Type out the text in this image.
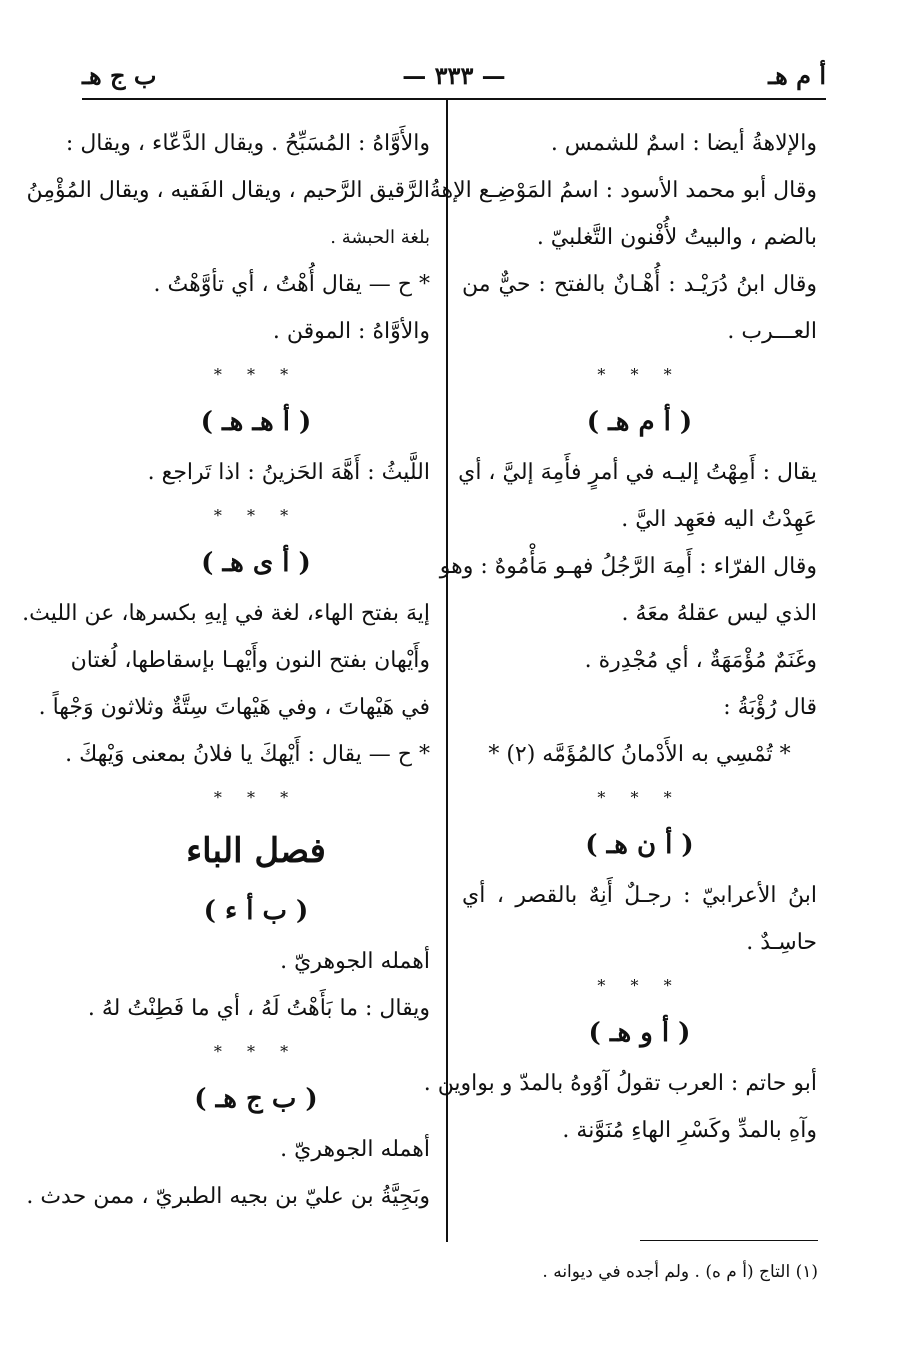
أ م هـ
— ٣٣٣ —
ب ج هـ
والإلاهةُ أيضا : اسمٌ للشمس .
وقال أبو محمد الأسود : اسمُ المَوْضِـع الإهةُ
بالضم ، والبيتُ لأُفْنون التَّغلبيّ .
وقال ابنُ دُرَيْـد : أُهْـانٌ بالفتح : حيٌّ من
العـــرب .
* * *
( أ م هـ )
يقال : أَمِهْتُ إليـه في أمرٍ فأَمِهَ إليَّ ، أي
عَهِدْتُ اليه فعَهِد اليَّ .
وقال الفرّاء : أَمِهَ الرَّجُلُ فهـو مَأْمُوهٌ : وهو
الذي ليس عقلهُ معَهُ .
وغَنَمٌ مُؤْمَهَةٌ ، أي مُجْدِرة .
قال رُؤْبَةُ :
* تُمْسِي به الأَدْمانُ كالمُؤَمَّه (٢) *
* * *
( أ ن هـ )
ابنُ الأعرابيّ : رجـلٌ أَنِهٌ بالقصر ، أي
حاسِـدٌ .
* * *
( أ و هـ )
أبو حاتم : العرب تقولُ آوُوهُ بالمدّ و بواوين .
وآهِ بالمدِّ وكَسْرِ الهاءِ مُنَوَّنة .
والأَوَّاهُ : المُسَبِّحُ . ويقال الدَّعّاء ، ويقال :
الرَّقيق الرَّحيم ، ويقال الفَقيه ، ويقال المُؤْمِنُ
بلغة الحبشة .
* ح — يقال أُهْتُ ، أي تأوَّهْتُ .
والأوَّاهُ : الموقن .
* * *
( أ هـ هـ )
اللَّيثُ : أَهَّهَ الحَزينُ : اذا تَراجع .
* * *
( أ ى هـ )
إيهَ بفتح الهاء، لغة في إيهِ بكسرها، عن الليث.
وأَيْهان بفتح النون وأَيْهـا بإسقاطها، لُغتان
في هَيْهاتَ ، وفي هَيْهاتَ سِتَّةٌ وثلاثون وَجْهاً .
* ح — يقال : أَيْهكَ يا فلانُ بمعنى وَيْهكَ .
* * *
فصل الباء
( ب أ ء )
أهمله الجوهريّ .
ويقال : ما بَأَهْتُ لَهُ ، أي ما فَطِنْتُ لهُ .
* * *
( ب ج هـ )
أهمله الجوهريّ .
وبَجِيَّةُ بن عليّ بن بجيه الطبريّ ، ممن حدث .
(١) التاج (أ م ه) . ولم أجده في ديوانه .
